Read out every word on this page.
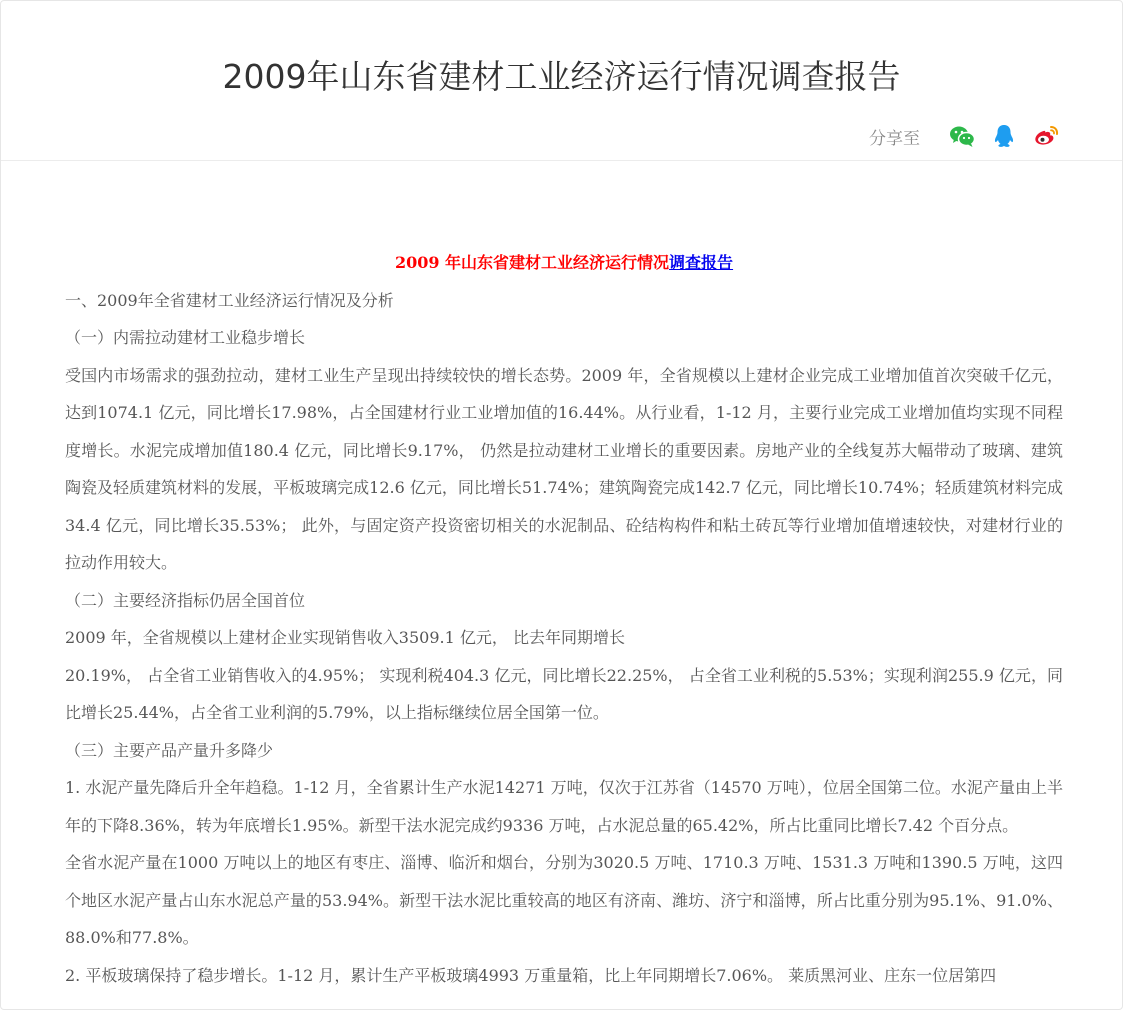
2009年山东省建材工业经济运行情况调查报告
分享至

2009 年山东省建材工业经济运行情况调查报告

一、2009年全省建材工业经济运行情况及分析

（一）内需拉动建材工业稳步增长

受国内市场需求的强劲拉动，建材工业生产呈现出持续较快的增长态势。2009 年，全省规模以上建材企业完成工业增加值首次突破千亿元，达到1074.1 亿元，同比增长17.98%，占全国建材行业工业增加值的16.44%。从行业看，1-12 月，主要行业完成工业增加值均实现不同程度增长。水泥完成增加值180.4 亿元，同比增长9.17%， 仍然是拉动建材工业增长的重要因素。房地产业的全线复苏大幅带动了玻璃、建筑陶瓷及轻质建筑材料的发展，平板玻璃完成12.6 亿元，同比增长51.74%；建筑陶瓷完成142.7 亿元，同比增长10.74%；轻质建筑材料完成34.4 亿元，同比增长35.53%； 此外，与固定资产投资密切相关的水泥制品、砼结构构件和粘土砖瓦等行业增加值增速较快，对建材行业的拉动作用较大。

（二）主要经济指标仍居全国首位

2009 年，全省规模以上建材企业实现销售收入3509.1 亿元， 比去年同期增长

20.19%， 占全省工业销售收入的4.95%； 实现利税404.3 亿元，同比增长22.25%， 占全省工业利税的5.53%；实现利润255.9 亿元，同比增长25.44%，占全省工业利润的5.79%，以上指标继续位居全国第一位。

（三）主要产品产量升多降少

1. 水泥产量先降后升全年趋稳。1-12 月，全省累计生产水泥14271 万吨，仅次于江苏省（14570 万吨），位居全国第二位。水泥产量由上半年的下降8.36%，转为年底增长1.95%。新型干法水泥完成约9336 万吨，占水泥总量的65.42%，所占比重同比增长7.42 个百分点。

全省水泥产量在1000 万吨以上的地区有枣庄、淄博、临沂和烟台，分别为3020.5 万吨、1710.3 万吨、1531.3 万吨和1390.5 万吨，这四个地区水泥产量占山东水泥总产量的53.94%。新型干法水泥比重较高的地区有济南、潍坊、济宁和淄博，所占比重分别为95.1%、91.0%、88.0%和77.8%。

2. 平板玻璃保持了稳步增长。1-12 月，累计生产平板玻璃4993 万重量箱，比上年同期增长7.06%。 莱质黑河业、庄东一位居第四
